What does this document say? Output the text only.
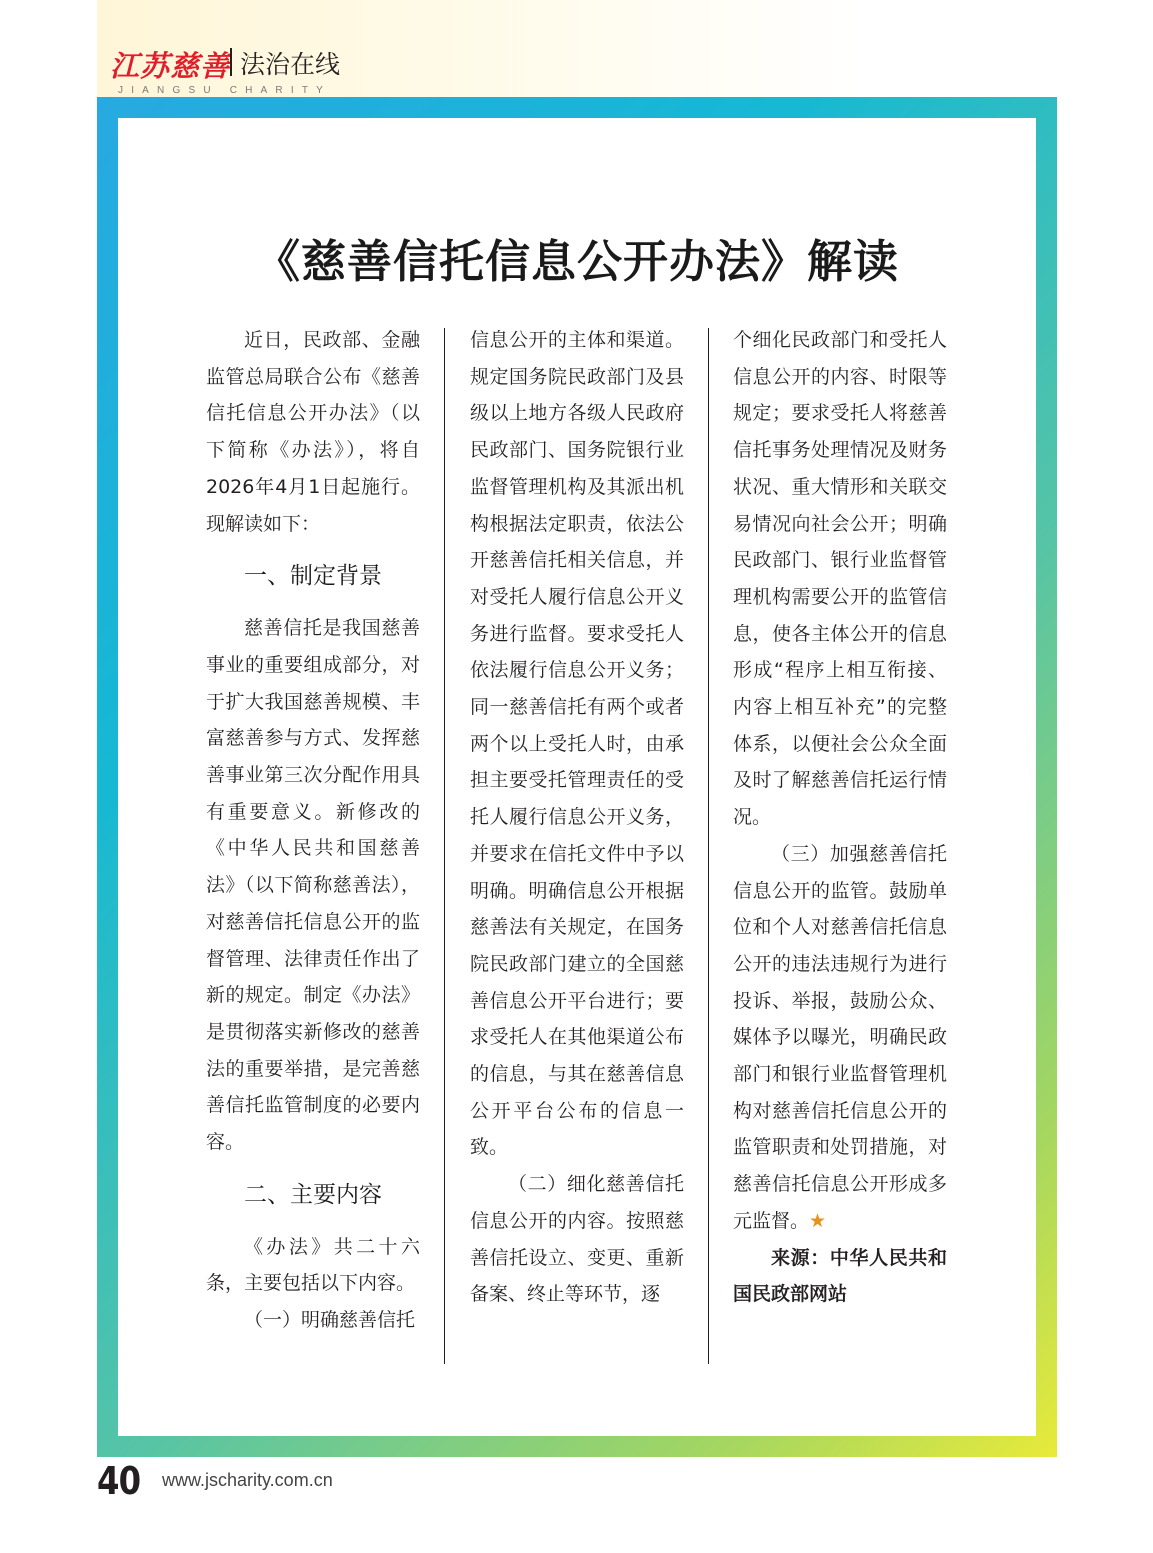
江苏慈善 法治在线
JIANGSU CHARITY
《慈善信托信息公开办法》解读

近日，民政部、金融监管总局联合公布《慈善信托信息公开办法》（以下简称《办法》），将自2026年4月1日起施行。现解读如下：

一、制定背景

慈善信托是我国慈善事业的重要组成部分，对于扩大我国慈善规模、丰富慈善参与方式、发挥慈善事业第三次分配作用具有重要意义。新修改的《中华人民共和国慈善法》（以下简称慈善法），对慈善信托信息公开的监督管理、法律责任作出了新的规定。制定《办法》是贯彻落实新修改的慈善法的重要举措，是完善慈善信托监管制度的必要内容。

二、主要内容

《办法》共二十六条，主要包括以下内容。

（一）明确慈善信托

信息公开的主体和渠道。规定国务院民政部门及县级以上地方各级人民政府民政部门、国务院银行业监督管理机构及其派出机构根据法定职责，依法公开慈善信托相关信息，并对受托人履行信息公开义务进行监督。要求受托人依法履行信息公开义务；同一慈善信托有两个或者两个以上受托人时，由承担主要受托管理责任的受托人履行信息公开义务，并要求在信托文件中予以明确。明确信息公开根据慈善法有关规定，在国务院民政部门建立的全国慈善信息公开平台进行；要求受托人在其他渠道公布的信息，与其在慈善信息公开平台公布的信息一致。

（二）细化慈善信托信息公开的内容。按照慈善信托设立、变更、重新备案、终止等环节，逐

个细化民政部门和受托人信息公开的内容、时限等规定；要求受托人将慈善信托事务处理情况及财务状况、重大情形和关联交易情况向社会公开；明确民政部门、银行业监督管理机构需要公开的监管信息，使各主体公开的信息形成“程序上相互衔接、内容上相互补充”的完整体系，以便社会公众全面及时了解慈善信托运行情况。

（三）加强慈善信托信息公开的监管。鼓励单位和个人对慈善信托信息公开的违法违规行为进行投诉、举报，鼓励公众、媒体予以曝光，明确民政部门和银行业监督管理机构对慈善信托信息公开的监管职责和处罚措施，对慈善信托信息公开形成多元监督。★

来源：中华人民共和国民政部网站

40 www.jscharity.com.cn
